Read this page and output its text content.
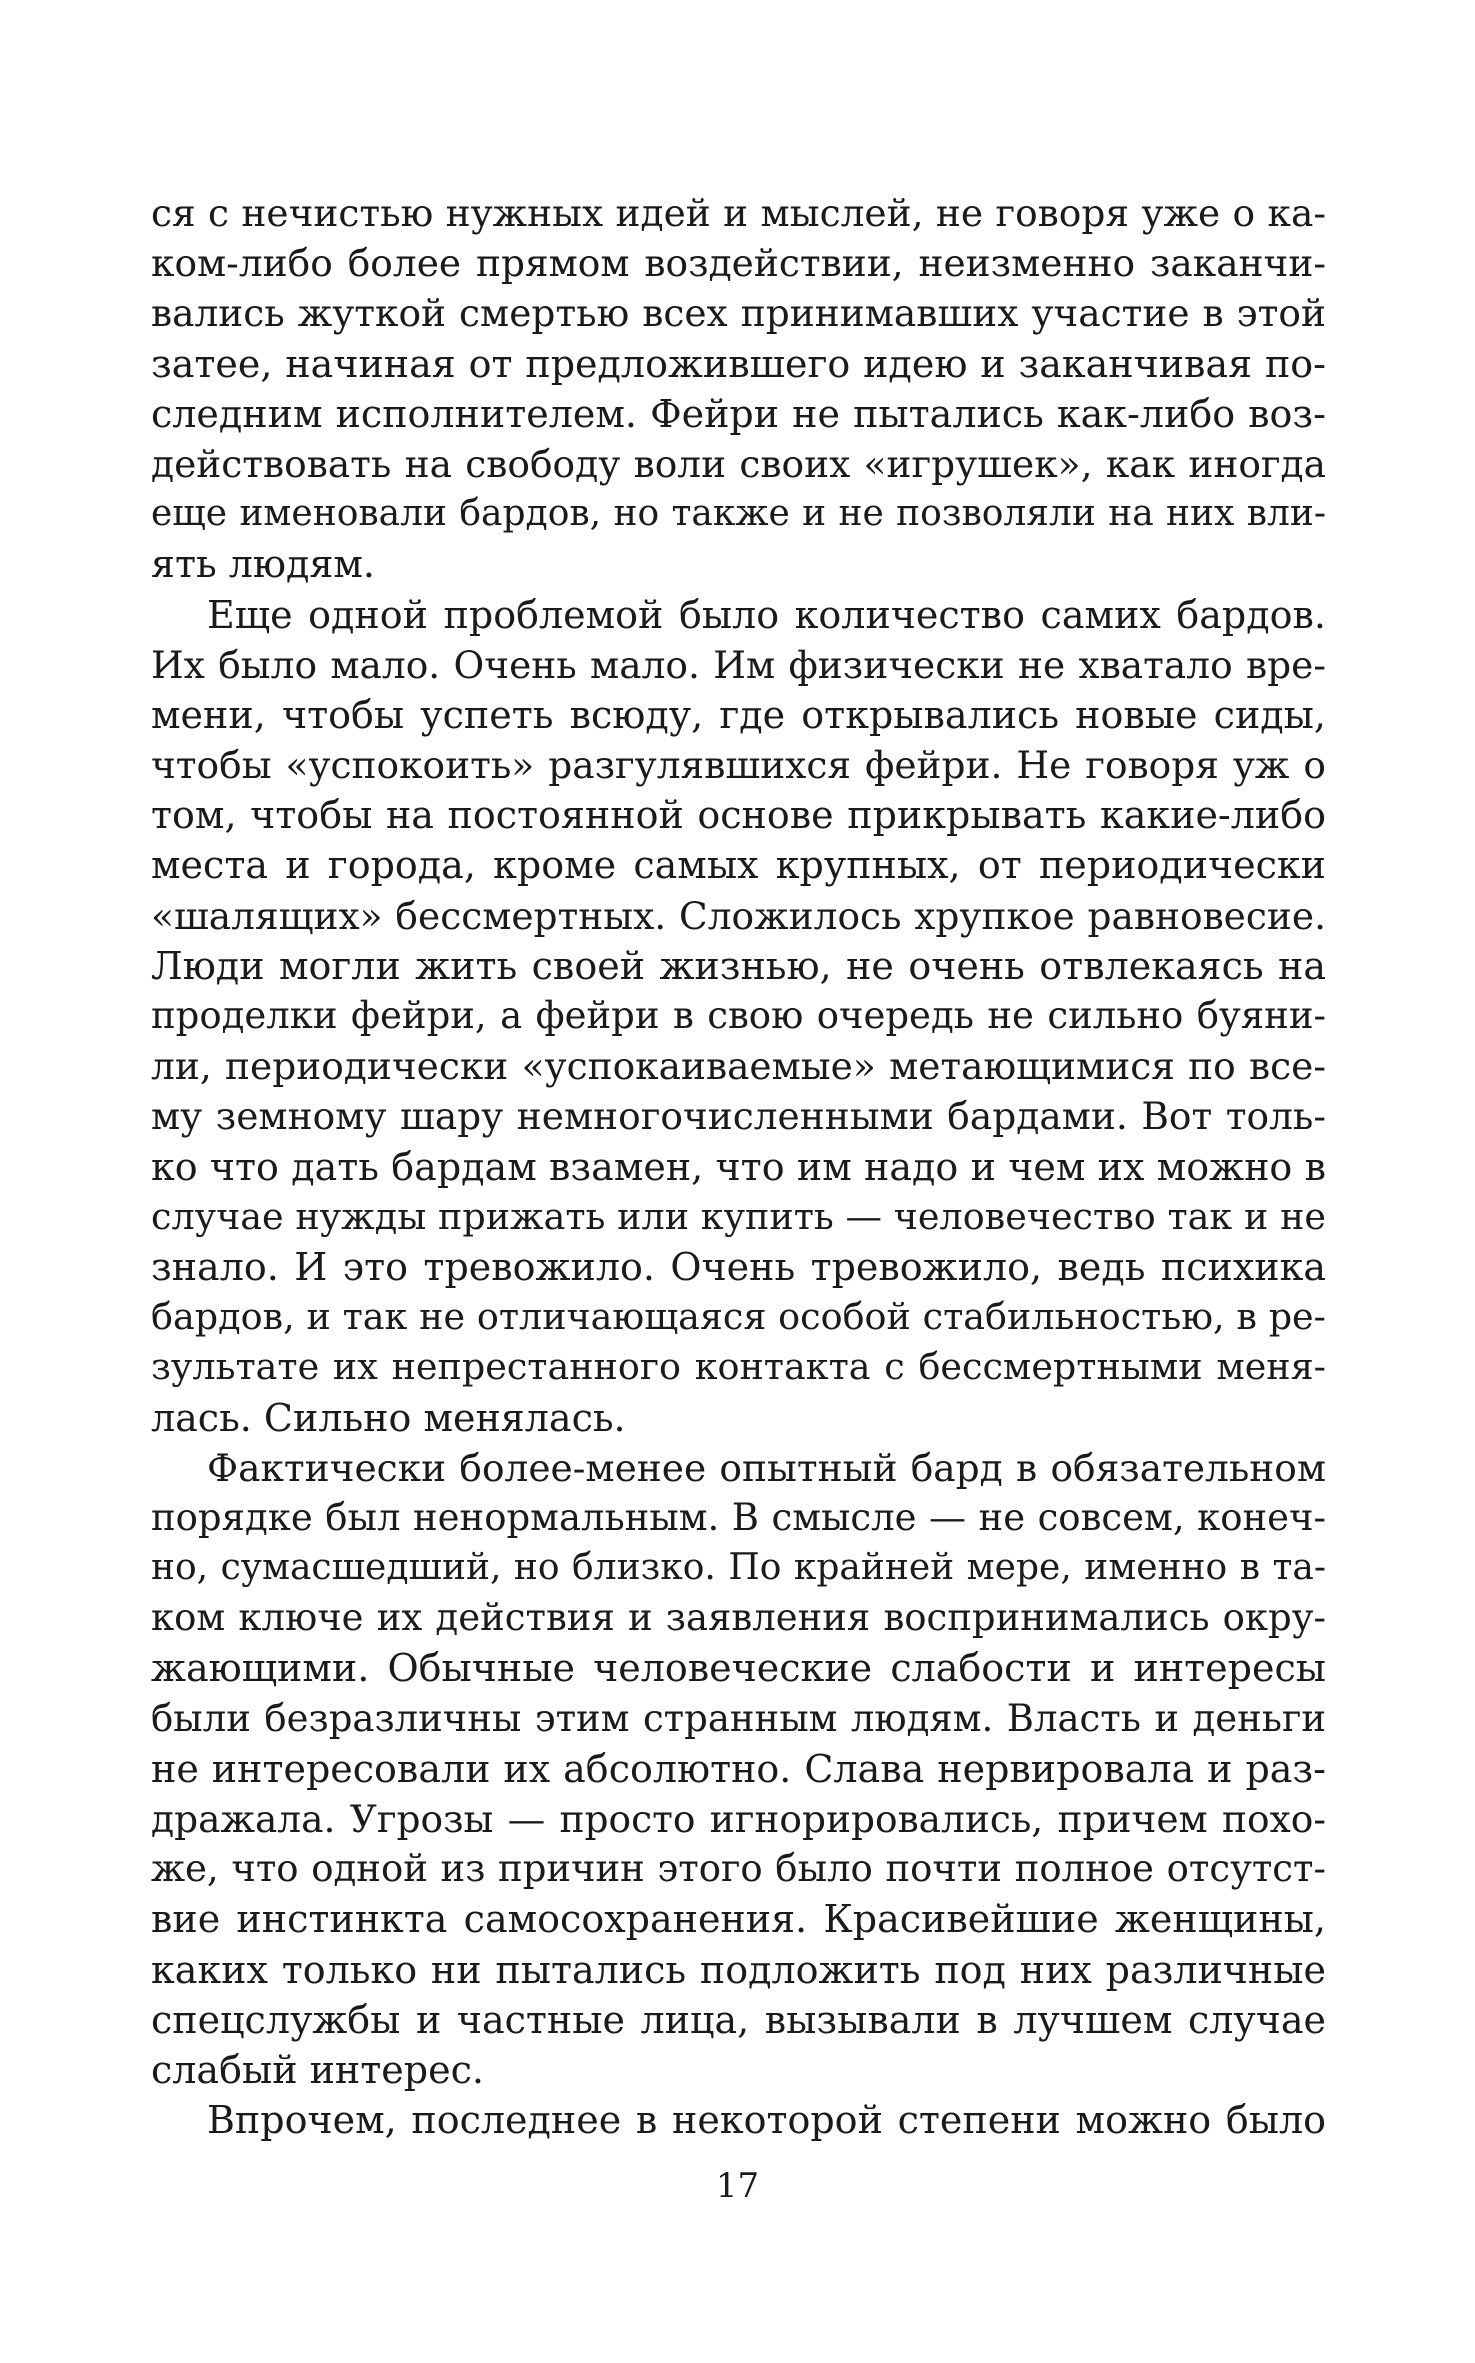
ся с нечистью нужных идей и мыслей, не говоря уже о ка-
ком-либо более прямом воздействии, неизменно заканчи-
вались жуткой смертью всех принимавших участие в этой
затее, начиная от предложившего идею и заканчивая по-
следним исполнителем. Фейри не пытались как-либо воз-
действовать на свободу воли своих «игрушек», как иногда
еще именовали бардов, но также и не позволяли на них вли-
ять людям.
Еще одной проблемой было количество самих бардов.
Их было мало. Очень мало. Им физически не хватало вре-
мени, чтобы успеть всюду, где открывались новые сиды,
чтобы «успокоить» разгулявшихся фейри. Не говоря уж о
том, чтобы на постоянной основе прикрывать какие-либо
места и города, кроме самых крупных, от периодически
«шалящих» бессмертных. Сложилось хрупкое равновесие.
Люди могли жить своей жизнью, не очень отвлекаясь на
проделки фейри, а фейри в свою очередь не сильно буяни-
ли, периодически «успокаиваемые» метающимися по все-
му земному шару немногочисленными бардами. Вот толь-
ко что дать бардам взамен, что им надо и чем их можно в
случае нужды прижать или купить — человечество так и не
знало. И это тревожило. Очень тревожило, ведь психика
бардов, и так не отличающаяся особой стабильностью, в ре-
зультате их непрестанного контакта с бессмертными меня-
лась. Сильно менялась.
Фактически более-менее опытный бард в обязательном
порядке был ненормальным. В смысле — не совсем, конеч-
но, сумасшедший, но близко. По крайней мере, именно в та-
ком ключе их действия и заявления воспринимались окру-
жающими. Обычные человеческие слабости и интересы
были безразличны этим странным людям. Власть и деньги
не интересовали их абсолютно. Слава нервировала и раз-
дражала. Угрозы — просто игнорировались, причем похо-
же, что одной из причин этого было почти полное отсутст-
вие инстинкта самосохранения. Красивейшие женщины,
каких только ни пытались подложить под них различные
спецслужбы и частные лица, вызывали в лучшем случае
слабый интерес.
Впрочем, последнее в некоторой степени можно было
17
